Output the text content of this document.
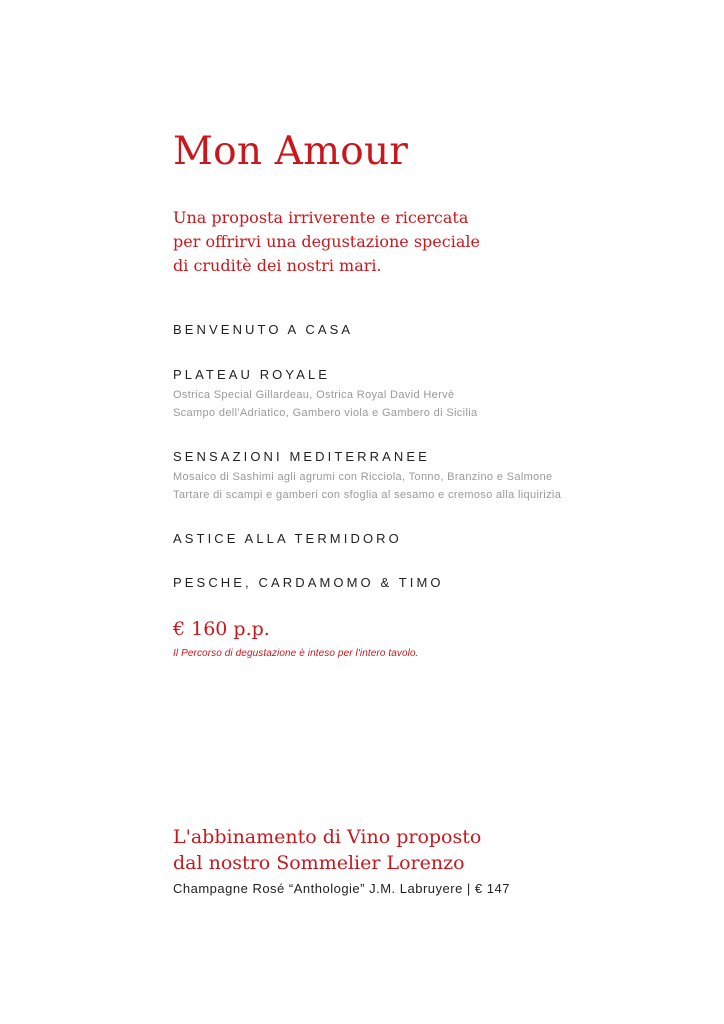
Mon Amour
Una proposta irriverente e ricercata
per offrirvi una degustazione speciale
di cruditè dei nostri mari.
BENVENUTO A CASA
PLATEAU ROYALE
Ostrica Special Gillardeau, Ostrica Royal David Hervè
Scampo dell'Adriatico, Gambero viola e Gambero di Sicilia
SENSAZIONI MEDITERRANEE
Mosaico di Sashimi agli agrumi con Ricciola, Tonno, Branzino e Salmone
Tartare di scampi e gamberi con sfoglia al sesamo e cremoso alla liquirizia
ASTICE ALLA TERMIDORO
PESCHE, CARDAMOMO & TIMO
€ 160 p.p.
Il Percorso di degustazione è inteso per l'intero tavolo.
L'abbinamento di Vino proposto
dal nostro Sommelier Lorenzo
Champagne Rosé “Anthologie” J.M. Labruyere | € 147
